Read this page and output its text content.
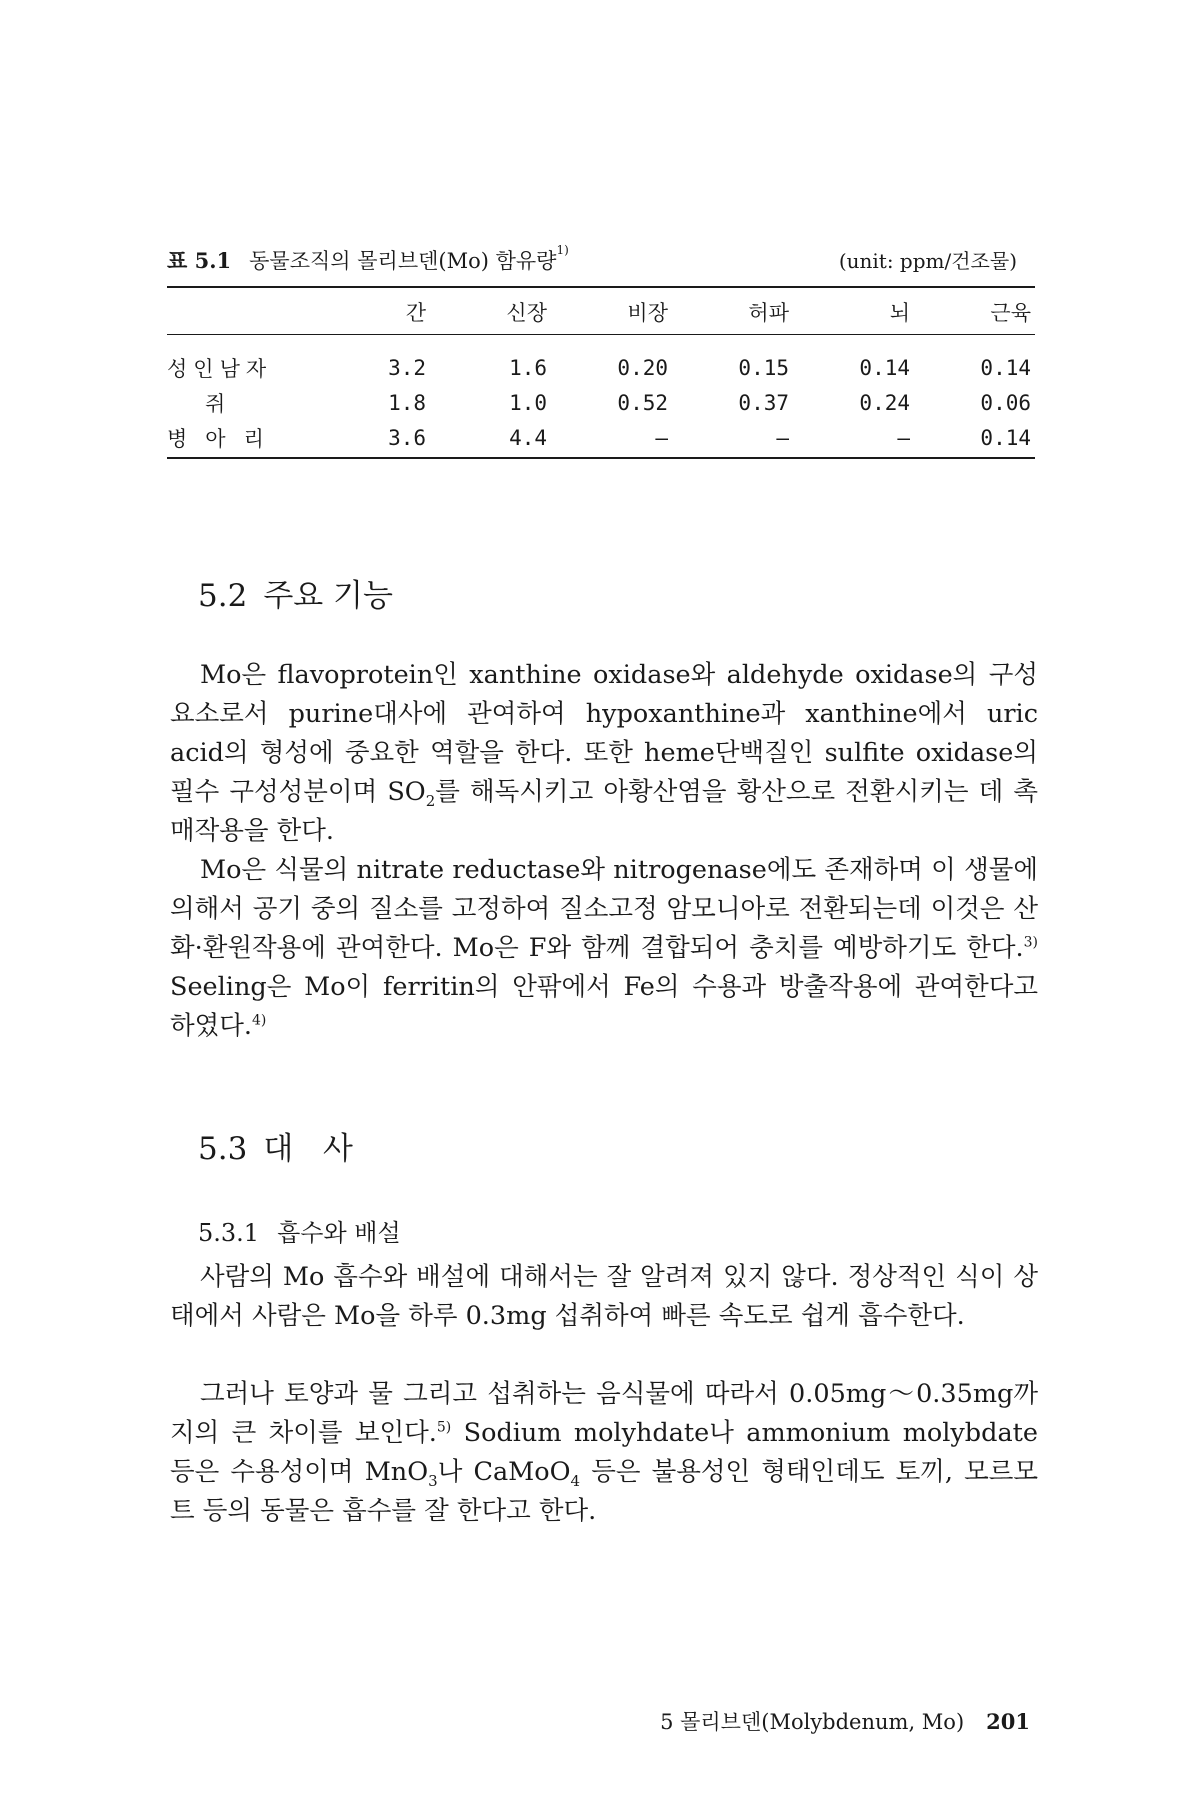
표 5.1 동물조직의 몰리브덴(Mo) 함유량$^{1)}$	(unit: ppm/건조물)
	간	신장	비장	허파	뇌	근육
성인남자	3.2	1.6	0.20	0.15	0.14	0.14
쥐	1.8	1.0	0.52	0.37	0.24	0.06
병아리	3.6	4.4	—	—	—	0.14
5.2 주요 기능

Mo은 flavoprotein인 xanthine oxidase와 aldehyde oxidase의 구성요소로서 purine대사에 관여하여 hypoxanthine과 xanthine에서 uric acid의 형성에 중요한 역할을 한다. 또한 heme단백질인 sulfite oxidase의 필수 구성성분이며 $SO_2$를 해독시키고 아황산염을 황산으로 전환시키는 데 촉매작용을 한다.

Mo은 식물의 nitrate reductase와 nitrogenase에도 존재하며 이 생물에 의해서 공기 중의 질소를 고정하여 질소고정 암모니아로 전환되는데 이것은 산화·환원작용에 관여한다. Mo은 F와 함께 결합되어 충치를 예방하기도 한다.$^{3)}$ Seeling은 Mo이 ferritin의 안팎에서 Fe의 수용과 방출작용에 관여한다고 하였다.$^{4)}$

5.3 대   사
5.3.1 흡수와 배설

사람의 Mo 흡수와 배설에 대해서는 잘 알려져 있지 않다. 정상적인 식이 상태에서 사람은 Mo을 하루 0.3mg 섭취하여 빠른 속도로 쉽게 흡수한다.

그러나 토양과 물 그리고 섭취하는 음식물에 따라서 0.05mg～0.35mg까지의 큰 차이를 보인다.$^{5)}$ Sodium molyhdate나 ammonium molybdate 등은 수용성이며 MnO$_3$나 CaMoO$_4$ 등은 불용성인 형태인데도 토끼, 모르모트 등의 동물은 흡수를 잘 한다고 한다.

5 몰리브덴(Molybdenum, Mo) 201
